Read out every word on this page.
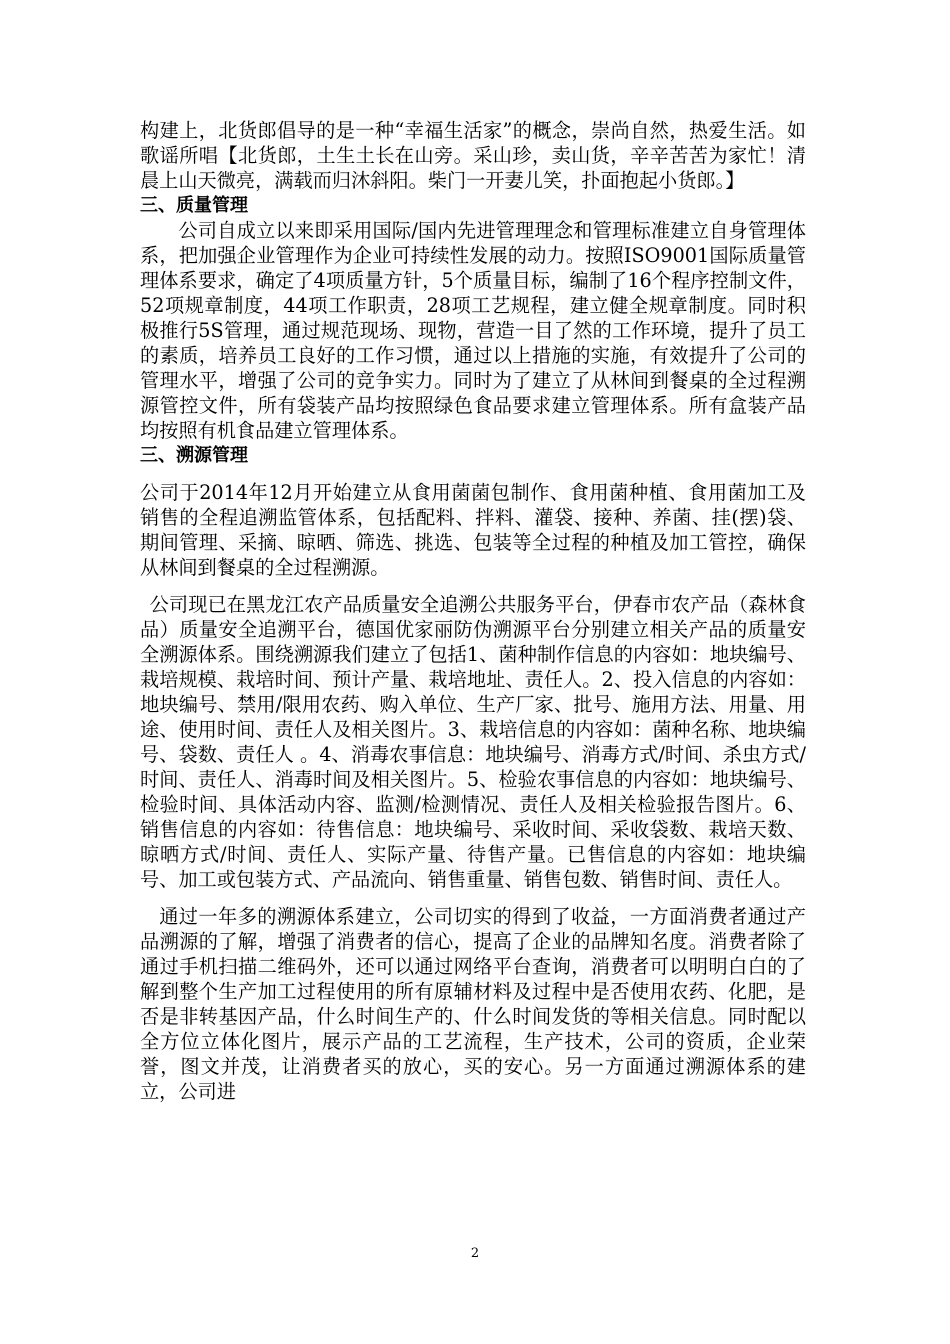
构建上，北货郎倡导的是一种“幸福生活家”的概念，崇尚自然，热爱生活。如歌谣所唱【北货郎，土生土长在山旁。采山珍，卖山货，辛辛苦苦为家忙！清晨上山天微亮，满载而归沐斜阳。柴门一开妻儿笑，扑面抱起小货郎。】

三、质量管理

公司自成立以来即采用国际/国内先进管理理念和管理标准建立自身管理体系，把加强企业管理作为企业可持续性发展的动力。按照ISO9001国际质量管理体系要求，确定了4项质量方针，5个质量目标，编制了16个程序控制文件，52项规章制度，44项工作职责，28项工艺规程，建立健全规章制度。同时积极推行5S管理，通过规范现场、现物，营造一目了然的工作环境，提升了员工的素质，培养员工良好的工作习惯，通过以上措施的实施，有效提升了公司的管理水平，增强了公司的竞争实力。同时为了建立了从林间到餐桌的全过程溯源管控文件，所有袋装产品均按照绿色食品要求建立管理体系。所有盒装产品均按照有机食品建立管理体系。

三、溯源管理

公司于2014年12月开始建立从食用菌菌包制作、食用菌种植、食用菌加工及销售的全程追溯监管体系，包括配料、拌料、灌袋、接种、养菌、挂(摆)袋、期间管理、采摘、晾晒、筛选、挑选、包装等全过程的种植及加工管控，确保从林间到餐桌的全过程溯源。

公司现已在黑龙江农产品质量安全追溯公共服务平台，伊春市农产品（森林食品）质量安全追溯平台，德国优家丽防伪溯源平台分别建立相关产品的质量安全溯源体系。围绕溯源我们建立了包括1、菌种制作信息的内容如：地块编号、栽培规模、栽培时间、预计产量、栽培地址、责任人。2、投入信息的内容如：地块编号、禁用/限用农药、购入单位、生产厂家、批号、施用方法、用量、用途、使用时间、责任人及相关图片。3、栽培信息的内容如：菌种名称、地块编号、袋数、责任人 。4、消毒农事信息：地块编号、消毒方式/时间、杀虫方式/时间、责任人、消毒时间及相关图片。5、检验农事信息的内容如：地块编号、检验时间、具体活动内容、监测/检测情况、责任人及相关检验报告图片。6、销售信息的内容如：待售信息：地块编号、采收时间、采收袋数、栽培天数、晾晒方式/时间、责任人、实际产量、待售产量。已售信息的内容如：地块编号、加工或包装方式、产品流向、销售重量、销售包数、销售时间、责任人。

通过一年多的溯源体系建立，公司切实的得到了收益，一方面消费者通过产品溯源的了解，增强了消费者的信心，提高了企业的品牌知名度。消费者除了通过手机扫描二维码外，还可以通过网络平台查询，消费者可以明明白白的了解到整个生产加工过程使用的所有原辅材料及过程中是否使用农药、化肥，是否是非转基因产品，什么时间生产的、什么时间发货的等相关信息。同时配以全方位立体化图片，展示产品的工艺流程，生产技术，公司的资质，企业荣誉，图文并茂，让消费者买的放心，买的安心。另一方面通过溯源体系的建立，公司进

2
